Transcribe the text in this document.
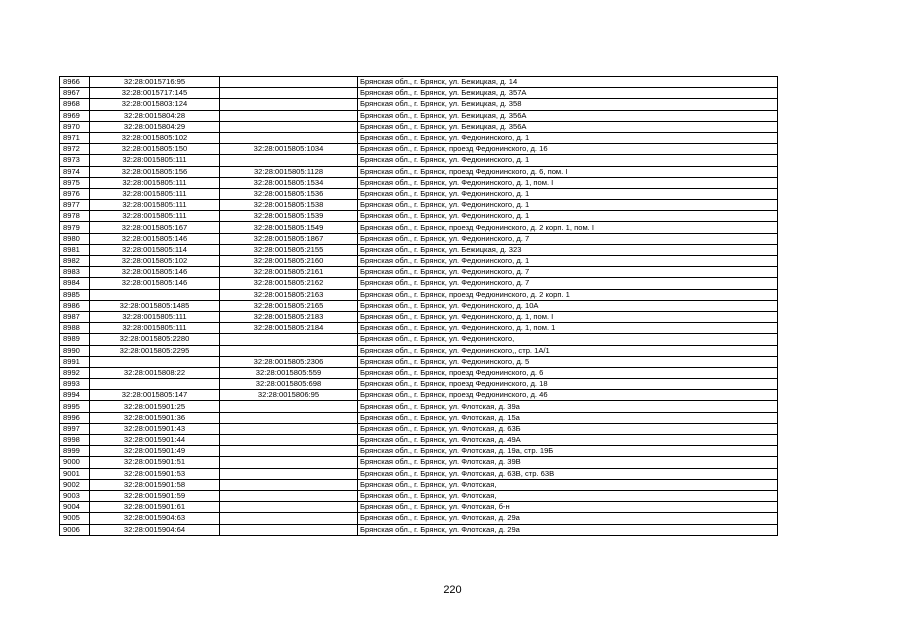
8966	32:28:0015716:95		Брянская обл., г. Брянск, ул. Бежицкая, д. 14
8967	32:28:0015717:145		Брянская обл., г. Брянск, ул. Бежицкая, д. 357А
8968	32:28:0015803:124		Брянская обл., г. Брянск, ул. Бежицкая, д. 358
8969	32:28:0015804:28		Брянская обл., г. Брянск, ул. Бежицкая, д. 356А
8970	32:28:0015804:29		Брянская обл., г. Брянск, ул. Бежицкая, д. 356А
8971	32:28:0015805:102		Брянская обл., г. Брянск, ул. Федюнинского, д. 1
8972	32:28:0015805:150	32:28:0015805:1034	Брянская обл., г. Брянск, проезд Федюнинского, д. 16
8973	32:28:0015805:111		Брянская обл., г. Брянск, ул. Федюнинского, д. 1
8974	32:28:0015805:156	32:28:0015805:1128	Брянская обл., г. Брянск, проезд Федюнинского, д. 6, пом. I
8975	32:28:0015805:111	32:28:0015805:1534	Брянская обл., г. Брянск, ул. Федюнинского, д. 1, пом. I
8976	32:28:0015805:111	32:28:0015805:1536	Брянская обл., г. Брянск, ул. Федюнинского, д. 1
8977	32:28:0015805:111	32:28:0015805:1538	Брянская обл., г. Брянск, ул. Федюнинского, д. 1
8978	32:28:0015805:111	32:28:0015805:1539	Брянская обл., г. Брянск, ул. Федюнинского, д. 1
8979	32:28:0015805:167	32:28:0015805:1549	Брянская обл., г. Брянск, проезд Федюнинского, д. 2 корп. 1, пом. I
8980	32:28:0015805:146	32:28:0015805:1867	Брянская обл., г. Брянск, ул. Федюнинского, д. 7
8981	32:28:0015805:114	32:28:0015805:2155	Брянская обл., г. Брянск, ул. Бежицкая, д. 323
8982	32:28:0015805:102	32:28:0015805:2160	Брянская обл., г. Брянск, ул. Федюнинского, д. 1
8983	32:28:0015805:146	32:28:0015805:2161	Брянская обл., г. Брянск, ул. Федюнинского, д. 7
8984	32:28:0015805:146	32:28:0015805:2162	Брянская обл., г. Брянск, ул. Федюнинского, д. 7
8985		32:28:0015805:2163	Брянская обл., г. Брянск, проезд Федюнинского, д. 2 корп. 1
8986	32:28:0015805:1485	32:28:0015805:2165	Брянская обл., г. Брянск, ул. Федюнинского, д. 10А
8987	32:28:0015805:111	32:28:0015805:2183	Брянская обл., г. Брянск, ул. Федюнинского, д. 1, пом. I
8988	32:28:0015805:111	32:28:0015805:2184	Брянская обл., г. Брянск, ул. Федюнинского, д. 1, пом. 1
8989	32:28:0015805:2280		Брянская обл., г. Брянск, ул. Федюнинского,
8990	32:28:0015805:2295		Брянская обл., г. Брянск, ул. Федюнинского,, стр. 1А/1
8991		32:28:0015805:2306	Брянская обл., г. Брянск, ул. Федюнинского, д. 5
8992	32:28:0015808:22	32:28:0015805:559	Брянская обл., г. Брянск, проезд Федюнинского, д. 6
8993		32:28:0015805:698	Брянская обл., г. Брянск, проезд Федюнинского, д. 18
8994	32:28:0015805:147	32:28:0015806:95	Брянская обл., г. Брянск, проезд Федюнинского, д. 46
8995	32:28:0015901:25		Брянская обл., г. Брянск, ул. Флотская, д. 39а
8996	32:28:0015901:36		Брянская обл., г. Брянск, ул. Флотская, д. 15а
8997	32:28:0015901:43		Брянская обл., г. Брянск, ул. Флотская, д. 63Б
8998	32:28:0015901:44		Брянская обл., г. Брянск, ул. Флотская, д. 49А
8999	32:28:0015901:49		Брянская обл., г. Брянск, ул. Флотская, д. 19а, стр. 19Б
9000	32:28:0015901:51		Брянская обл., г. Брянск, ул. Флотская, д. 39В
9001	32:28:0015901:53		Брянская обл., г. Брянск, ул. Флотская, д. 63В, стр. 63В
9002	32:28:0015901:58		Брянская обл., г. Брянск, ул. Флотская,
9003	32:28:0015901:59		Брянская обл., г. Брянск, ул. Флотская,
9004	32:28:0015901:61		Брянская обл., г. Брянск, ул. Флотская, б-н
9005	32:28:0015904:63		Брянская обл., г. Брянск, ул. Флотская, д. 29а
9006	32:28:0015904:64		Брянская обл., г. Брянск, ул. Флотская, д. 29а
220
